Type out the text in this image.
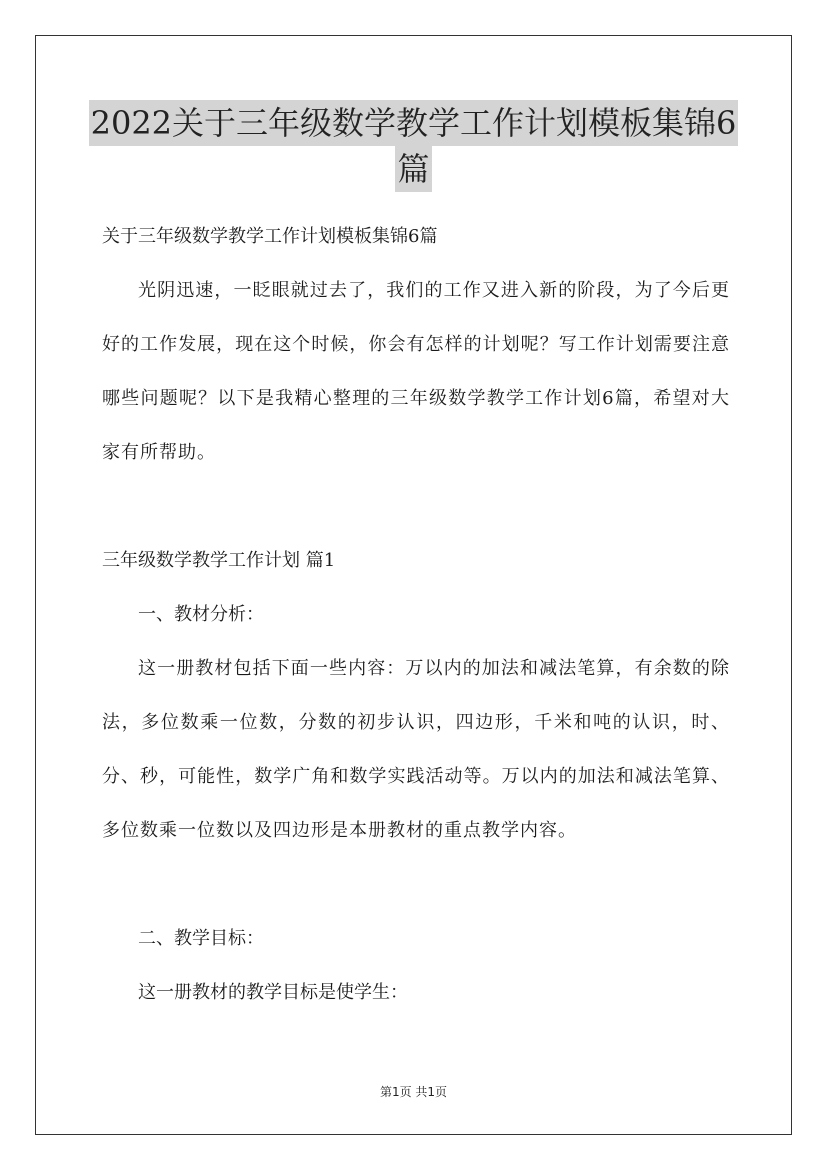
2022关于三年级数学教学工作计划模板集锦6
篇

关于三年级数学教学工作计划模板集锦6篇

光阴迅速，一眨眼就过去了，我们的工作又进入新的阶段，为了今后更好的工作发展，现在这个时候，你会有怎样的计划呢？写工作计划需要注意哪些问题呢？以下是我精心整理的三年级数学教学工作计划6篇，希望对大家有所帮助。

三年级数学教学工作计划 篇1

一、教材分析：

这一册教材包括下面一些内容：万以内的加法和减法笔算，有余数的除法，多位数乘一位数，分数的初步认识，四边形，千米和吨的认识，时、分、秒，可能性，数学广角和数学实践活动等。万以内的加法和减法笔算、多位数乘一位数以及四边形是本册教材的重点教学内容。

二、教学目标：

这一册教材的教学目标是使学生：

第1页 共1页
